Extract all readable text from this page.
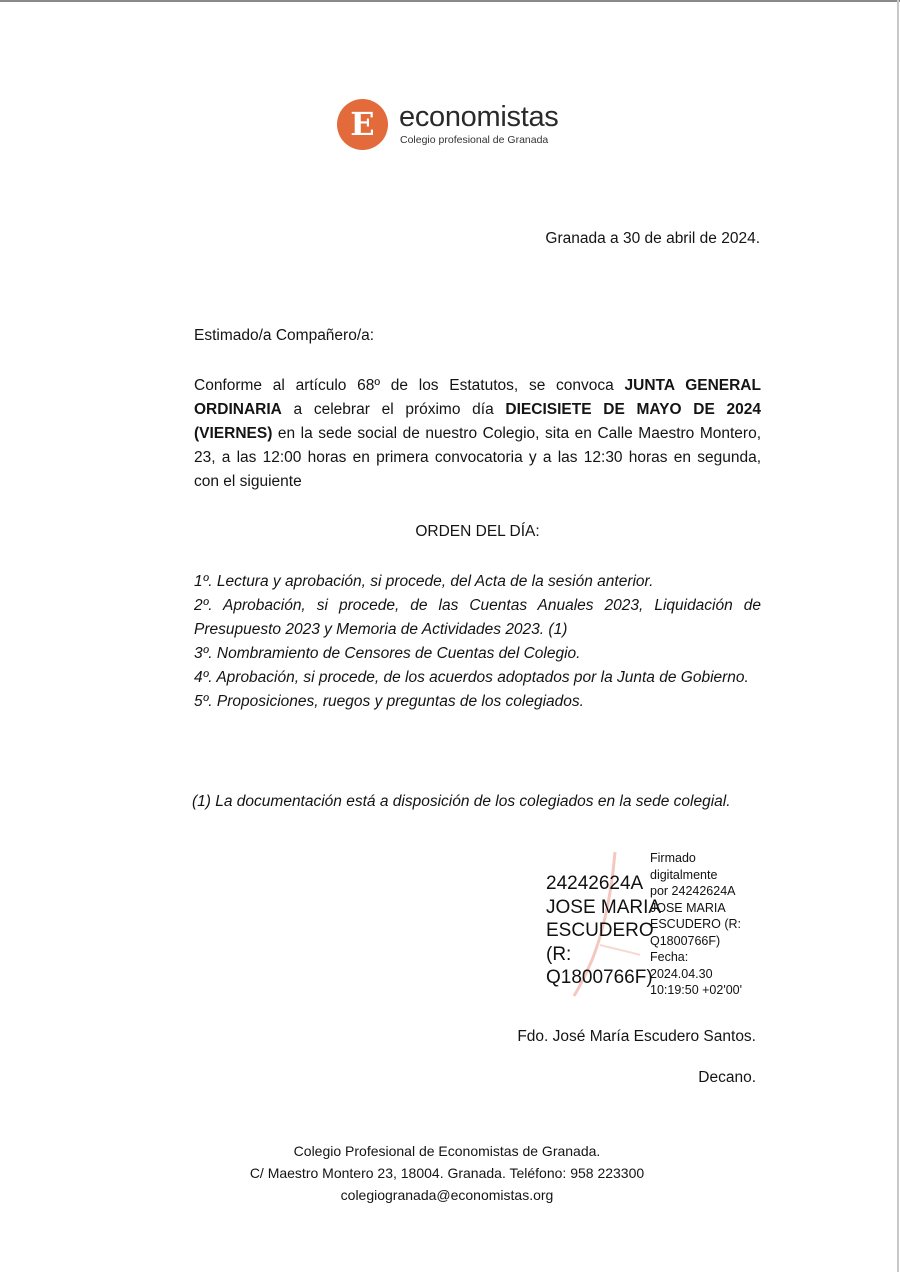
E economistas
Colegio profesional de Granada
Granada a 30 de abril de 2024.
Estimado/a Compañero/a:
Conforme al artículo 68º de los Estatutos, se convoca JUNTA GENERAL ORDINARIA a celebrar el próximo día DIECISIETE DE MAYO DE 2024 (VIERNES) en la sede social de nuestro Colegio, sita en Calle Maestro Montero, 23, a las 12:00 horas en primera convocatoria y a las 12:30 horas en segunda, con el siguiente
ORDEN DEL DÍA:
1º. Lectura y aprobación, si procede, del Acta de la sesión anterior.
2º. Aprobación, si procede, de las Cuentas Anuales 2023, Liquidación de Presupuesto 2023 y Memoria de Actividades 2023. (1)
3º. Nombramiento de Censores de Cuentas del Colegio.
4º. Aprobación, si procede, de los acuerdos adoptados por la Junta de Gobierno.
5º. Proposiciones, ruegos y preguntas de los colegiados.
(1) La documentación está a disposición de los colegiados en la sede colegial.
24242624A
JOSE MARIA
ESCUDERO
(R:
Q1800766F)
Firmado
digitalmente
por 24242624A
JOSE MARIA
ESCUDERO (R:
Q1800766F)
Fecha:
2024.04.30
10:19:50 +02'00'
Fdo. José María Escudero Santos.
Decano.
Colegio Profesional de Economistas de Granada.
C/ Maestro Montero 23, 18004. Granada. Teléfono: 958 223300
colegiogranada@economistas.org
